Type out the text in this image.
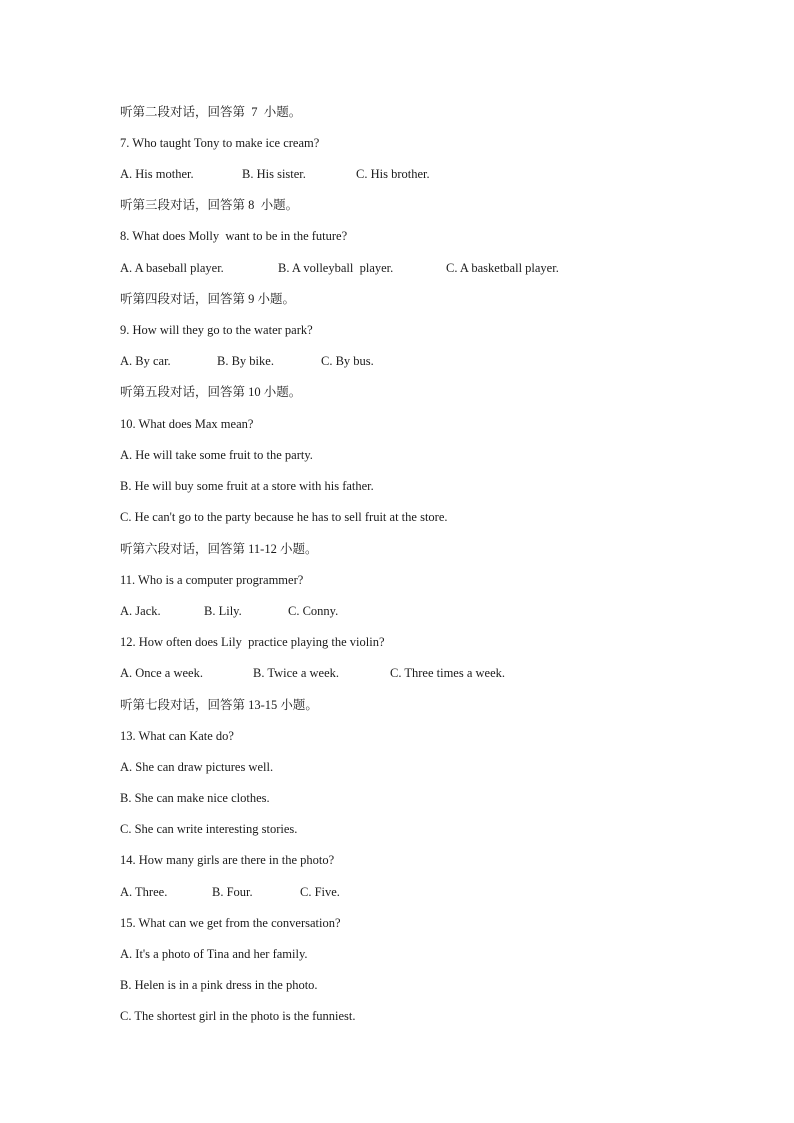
听第二段对话，回答第  7  小题。
7. Who taught Tony to make ice cream?
A. His mother.	B. His sister.	C. His brother.
听第三段对话，回答第 8  小题。
8. What does Molly  want to be in the future?
A. A baseball player.	B. A volleyball  player.	C. A basketball player.
听第四段对话，回答第 9 小题。
9. How will they go to the water park?
A. By car.	B. By bike.	C. By bus.
听第五段对话，回答第 10 小题。
10. What does Max mean?
A. He will take some fruit to the party.
B. He will buy some fruit at a store with his father.
C. He can't go to the party because he has to sell fruit at the store.
听第六段对话，回答第 11-12 小题。
11. Who is a computer programmer?
A. Jack.	B. Lily.	C. Conny.
12. How often does Lily  practice playing the violin?
A. Once a week.	B. Twice a week.	C. Three times a week.
听第七段对话，回答第 13-15 小题。
13. What can Kate do?
A. She can draw pictures well.
B. She can make nice clothes.
C. She can write interesting stories.
14. How many girls are there in the photo?
A. Three.	B. Four.	C. Five.
15. What can we get from the conversation?
A. It's a photo of Tina and her family.
B. Helen is in a pink dress in the photo.
C. The shortest girl in the photo is the funniest.
